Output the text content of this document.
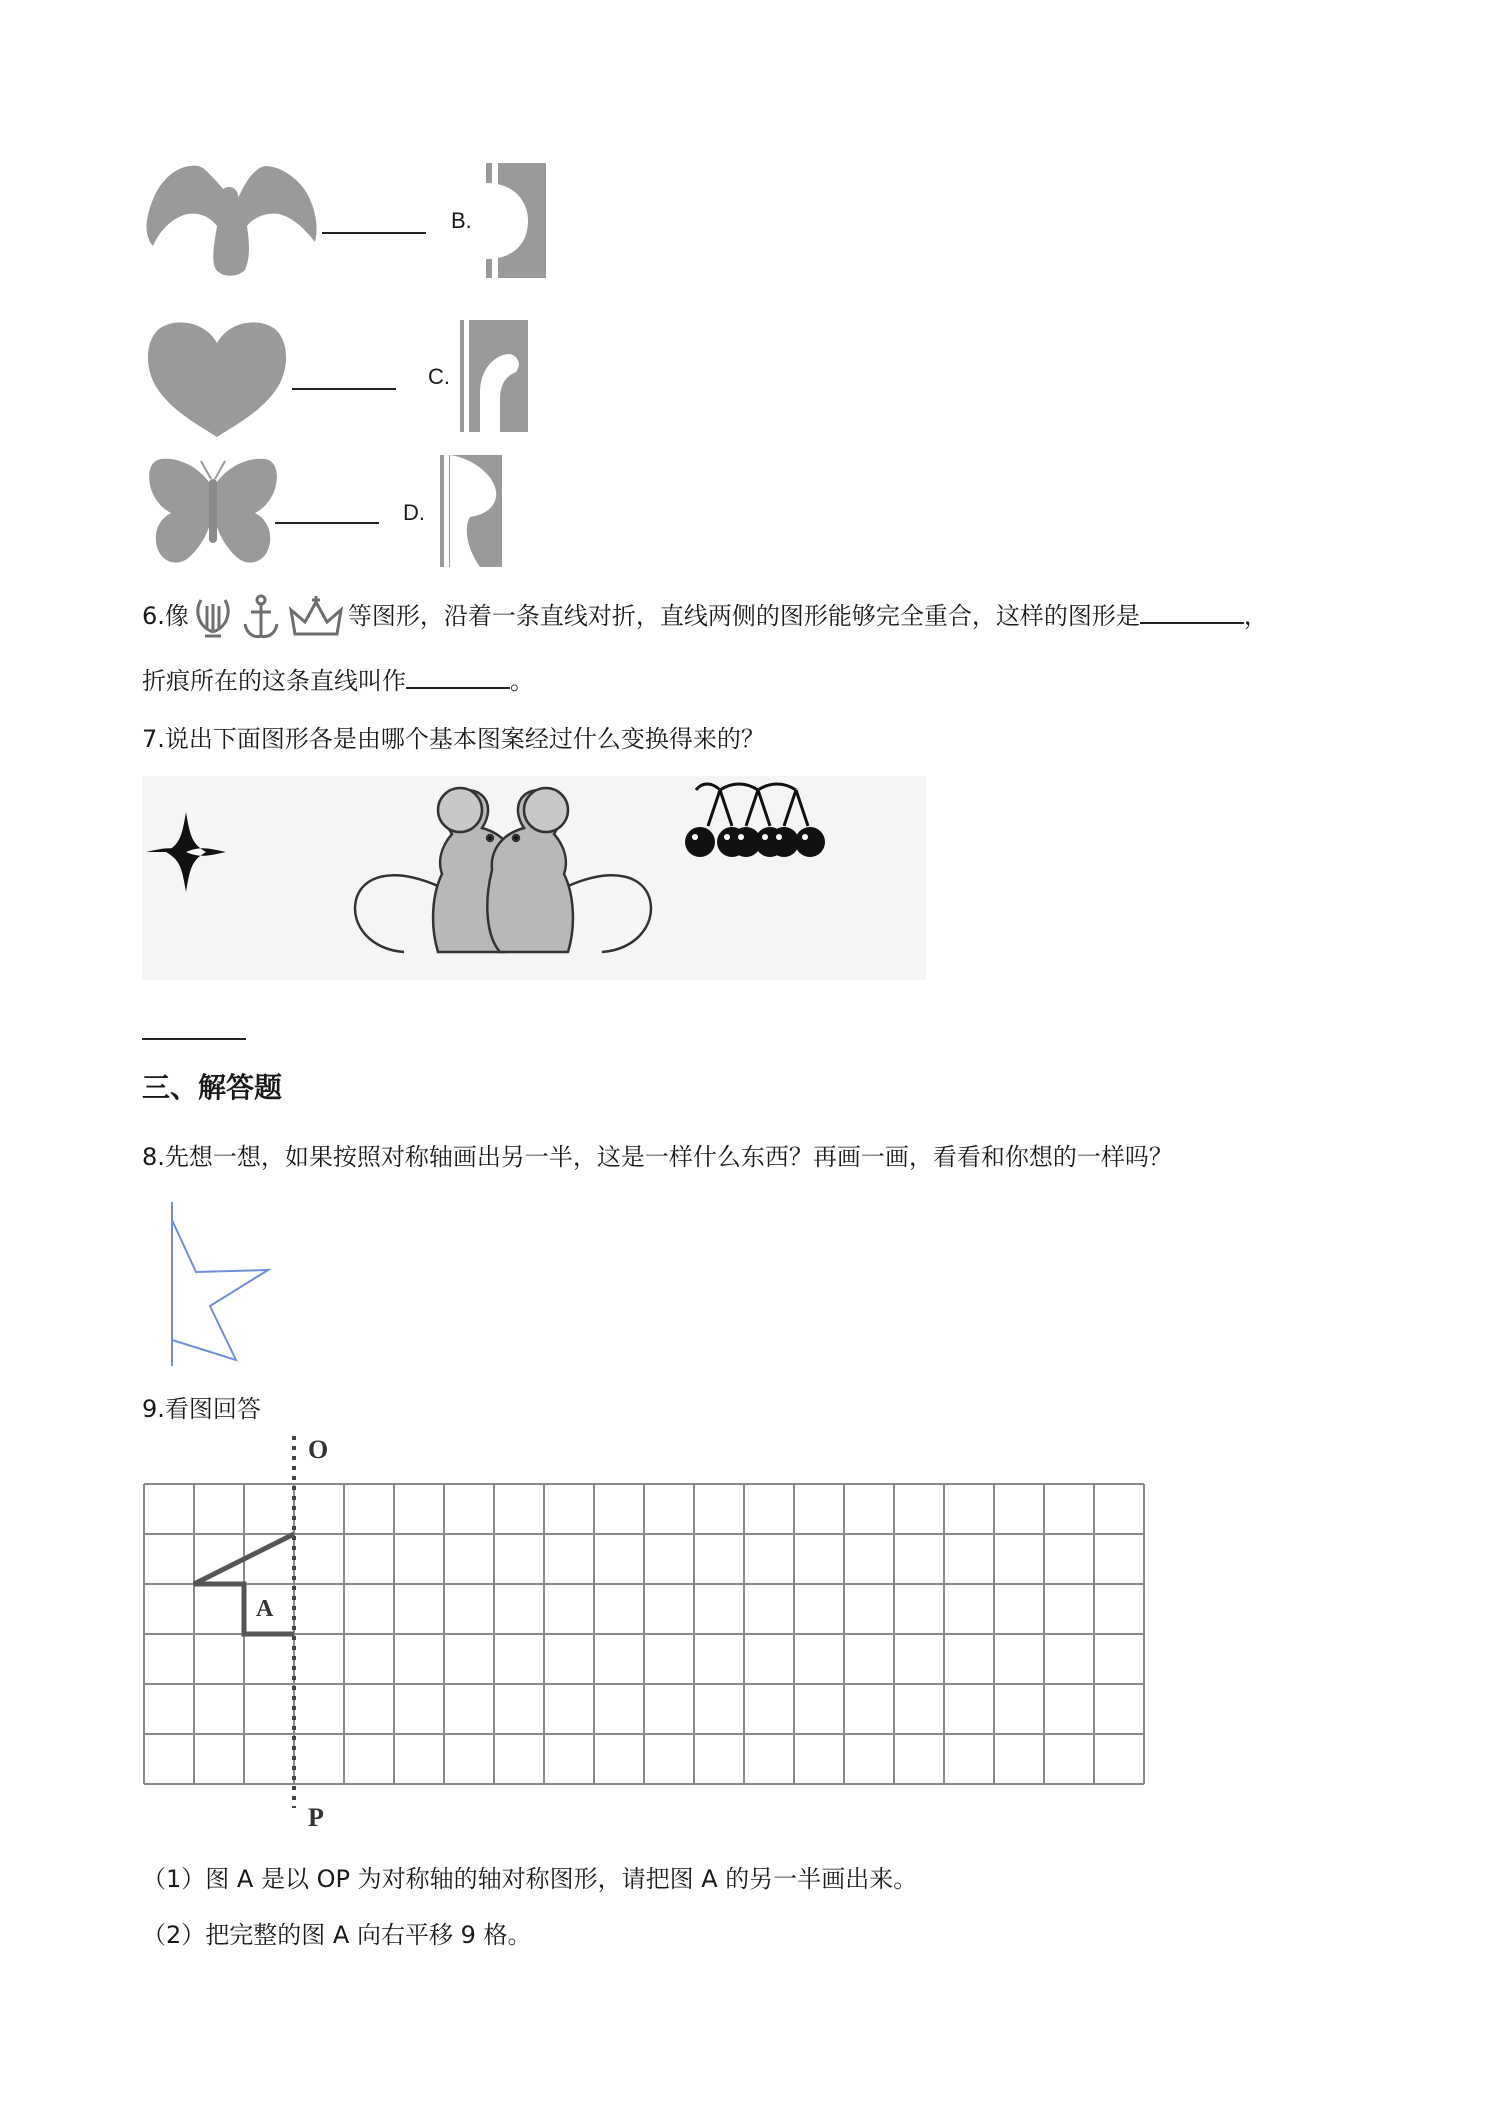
B.
C.
D.
6.像	等图形，沿着一条直线对折，直线两侧的图形能够完全重合，这样的图形是	，
折痕所在的这条直线叫作	。
7.说出下面图形各是由哪个基本图案经过什么变换得来的？
三、解答题
8.先想一想，如果按照对称轴画出另一半，这是一样什么东西？再画一画，看看和你想的一样吗？
9.看图回答
A
O
P
（1）图 A 是以 OP 为对称轴的轴对称图形，请把图 A 的另一半画出来。
（2）把完整的图 A 向右平移 9 格。
